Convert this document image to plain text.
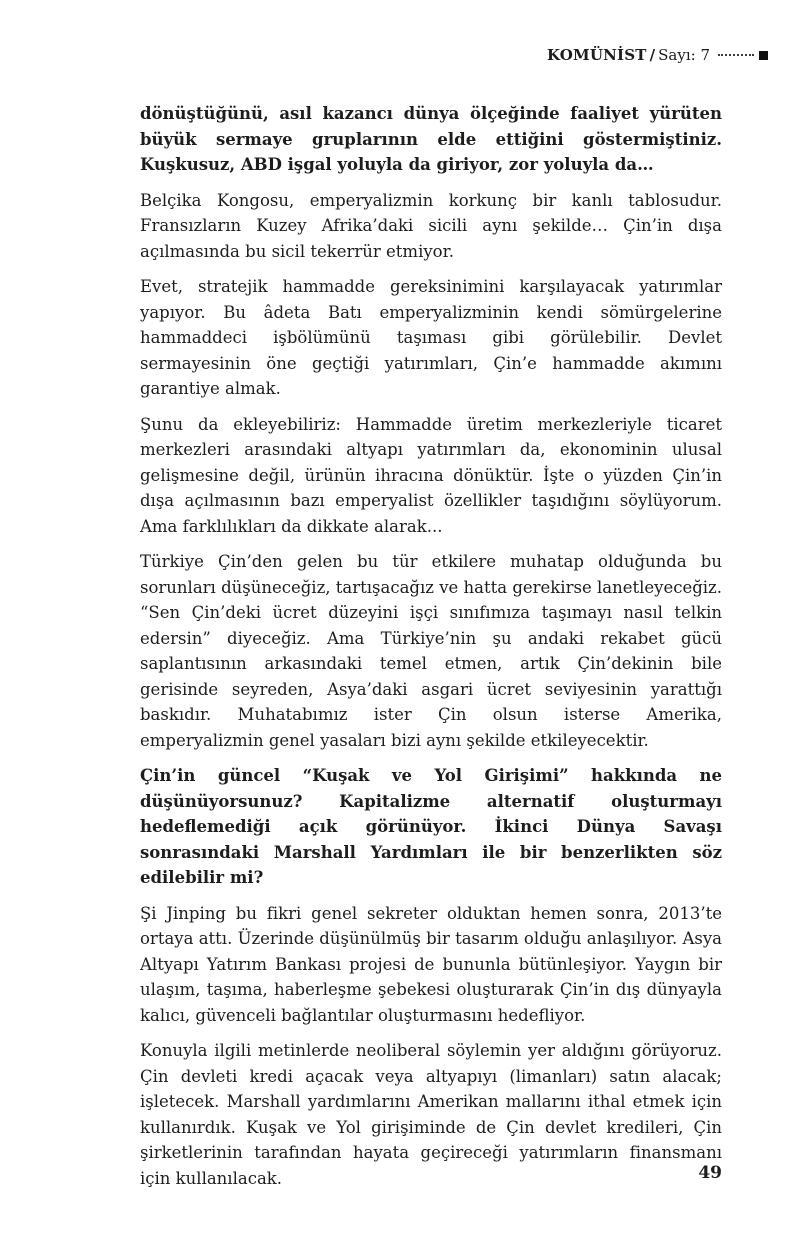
KOMÜNİST / Sayı: 7

dönüştüğünü, asıl kazancı dünya ölçeğinde faaliyet yürüten büyük sermaye gruplarının elde ettiğini göstermiştiniz. Kuşkusuz, ABD işgal yoluyla da giriyor, zor yoluyla da…

Belçika Kongosu, emperyalizmin korkunç bir kanlı tablosudur. Fransızların Kuzey Afrika’daki sicili aynı şekilde… Çin’in dışa açılmasında bu sicil tekerrür etmiyor.

Evet, stratejik hammadde gereksinimini karşılayacak yatırımlar yapıyor. Bu âdeta Batı emperyalizminin kendi sömürgelerine hammaddeci işbölümünü taşıması gibi görülebilir. Devlet sermayesinin öne geçtiği yatırımları, Çin’e hammadde akımını garantiye almak.

Şunu da ekleyebiliriz: Hammadde üretim merkezleriyle ticaret merkezleri arasındaki altyapı yatırımları da, ekonominin ulusal gelişmesine değil, ürünün ihracına dönüktür. İşte o yüzden Çin’in dışa açılmasının bazı emperyalist özellikler taşıdığını söylüyorum. Ama farklılıkları da dikkate alarak...

Türkiye Çin’den gelen bu tür etkilere muhatap olduğunda bu sorunları düşüneceğiz, tartışacağız ve hatta gerekirse lanetleyeceğiz. “Sen Çin’deki ücret düzeyini işçi sınıfımıza taşımayı nasıl telkin edersin” diyeceğiz. Ama Türkiye’nin şu andaki rekabet gücü saplantısının arkasındaki temel etmen, artık Çin’dekinin bile gerisinde seyreden, Asya’daki asgari ücret seviyesinin yarattığı baskıdır. Muhatabımız ister Çin olsun isterse Amerika, emperyalizmin genel yasaları bizi aynı şekilde etkileyecektir.

Çin’in güncel “Kuşak ve Yol Girişimi” hakkında ne düşünüyorsunuz? Kapitalizme alternatif oluşturmayı hedeflemediği açık görünüyor. İkinci Dünya Savaşı sonrasındaki Marshall Yardımları ile bir benzerlikten söz edilebilir mi?

Şi Jinping bu fikri genel sekreter olduktan hemen sonra, 2013’te ortaya attı. Üzerinde düşünülmüş bir tasarım olduğu anlaşılıyor. Asya Altyapı Yatırım Bankası projesi de bununla bütünleşiyor. Yaygın bir ulaşım, taşıma, haberleşme şebekesi oluşturarak Çin’in dış dünyayla kalıcı, güvenceli bağlantılar oluşturmasını hedefliyor.

Konuyla ilgili metinlerde neoliberal söylemin yer aldığını görüyoruz. Çin devleti kredi açacak veya altyapıyı (limanları) satın alacak; işletecek. Marshall yardımlarını Amerikan mallarını ithal etmek için kullanırdık. Kuşak ve Yol girişiminde de Çin devlet kredileri, Çin şirketlerinin tarafından hayata geçireceği yatırımların finansmanı için kullanılacak.	49
